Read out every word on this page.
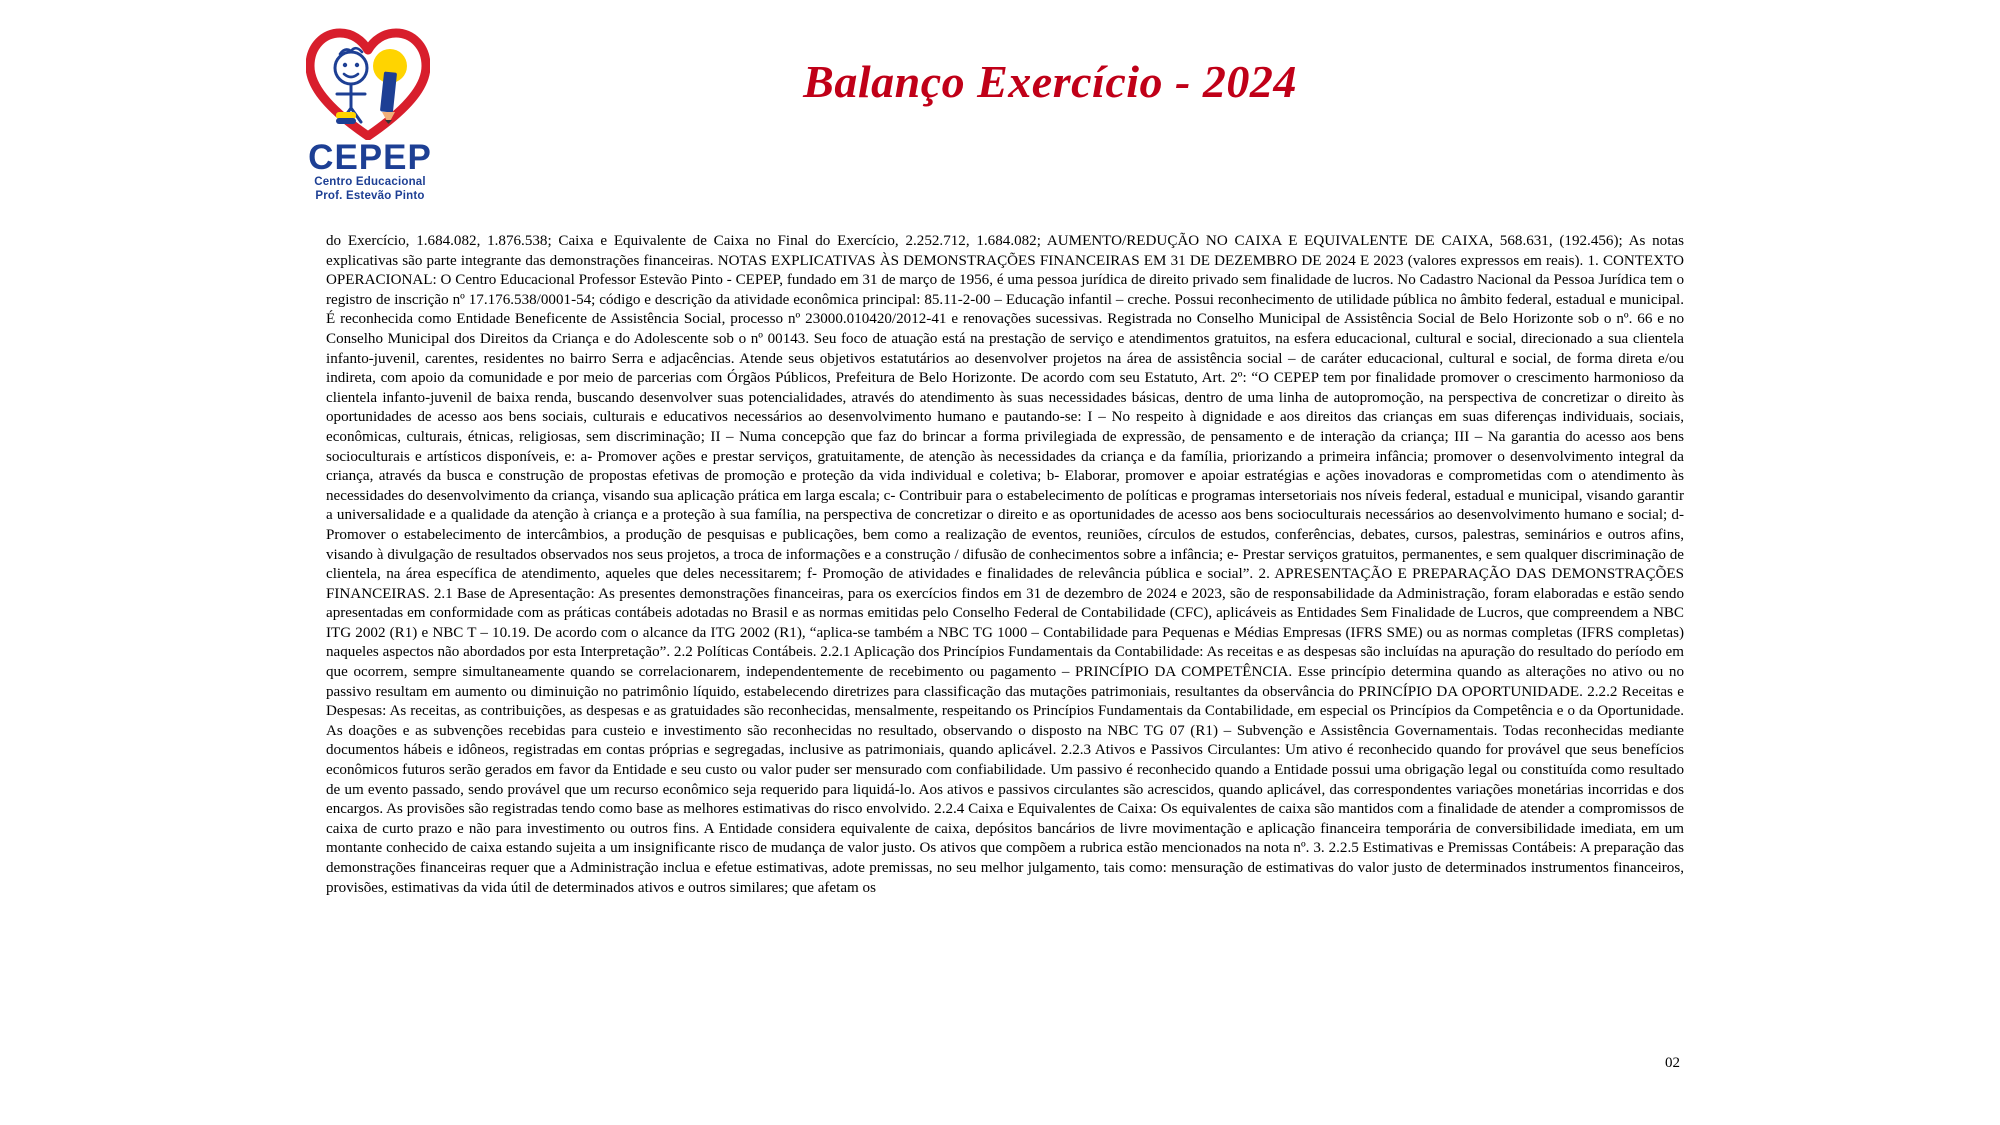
CEPEP
Centro Educacional
Prof. Estevão Pinto
Balanço Exercício - 2024
do Exercício, 1.684.082, 1.876.538; Caixa e Equivalente de Caixa no Final do Exercício, 2.252.712, 1.684.082; AUMENTO/REDUÇÃO NO CAIXA E EQUIVALENTE DE CAIXA, 568.631, (192.456); As notas explicativas são parte integrante das demonstrações financeiras. NOTAS EXPLICATIVAS ÀS DEMONSTRAÇÕES FINANCEIRAS EM 31 DE DEZEMBRO DE 2024 E 2023 (valores expressos em reais). 1. CONTEXTO OPERACIONAL: O Centro Educacional Professor Estevão Pinto - CEPEP, fundado em 31 de março de 1956, é uma pessoa jurídica de direito privado sem finalidade de lucros. No Cadastro Nacional da Pessoa Jurídica tem o registro de inscrição nº 17.176.538/0001-54; código e descrição da atividade econômica principal: 85.11-2-00 – Educação infantil – creche. Possui reconhecimento de utilidade pública no âmbito federal, estadual e municipal. É reconhecida como Entidade Beneficente de Assistência Social, processo nº 23000.010420/2012-41 e renovações sucessivas. Registrada no Conselho Municipal de Assistência Social de Belo Horizonte sob o nº. 66 e no Conselho Municipal dos Direitos da Criança e do Adolescente sob o nº 00143. Seu foco de atuação está na prestação de serviço e atendimentos gratuitos, na esfera educacional, cultural e social, direcionado a sua clientela infanto-juvenil, carentes, residentes no bairro Serra e adjacências. Atende seus objetivos estatutários ao desenvolver projetos na área de assistência social – de caráter educacional, cultural e social, de forma direta e/ou indireta, com apoio da comunidade e por meio de parcerias com Órgãos Públicos, Prefeitura de Belo Horizonte. De acordo com seu Estatuto, Art. 2º: “O CEPEP tem por finalidade promover o crescimento harmonioso da clientela infanto-juvenil de baixa renda, buscando desenvolver suas potencialidades, através do atendimento às suas necessidades básicas, dentro de uma linha de autopromoção, na perspectiva de concretizar o direito às oportunidades de acesso aos bens sociais, culturais e educativos necessários ao desenvolvimento humano e pautando-se: I – No respeito à dignidade e aos direitos das crianças em suas diferenças individuais, sociais, econômicas, culturais, étnicas, religiosas, sem discriminação; II – Numa concepção que faz do brincar a forma privilegiada de expressão, de pensamento e de interação da criança; III – Na garantia do acesso aos bens socioculturais e artísticos disponíveis, e: a- Promover ações e prestar serviços, gratuitamente, de atenção às necessidades da criança e da família, priorizando a primeira infância; promover o desenvolvimento integral da criança, através da busca e construção de propostas efetivas de promoção e proteção da vida individual e coletiva; b- Elaborar, promover e apoiar estratégias e ações inovadoras e comprometidas com o atendimento às necessidades do desenvolvimento da criança, visando sua aplicação prática em larga escala; c- Contribuir para o estabelecimento de políticas e programas intersetoriais nos níveis federal, estadual e municipal, visando garantir a universalidade e a qualidade da atenção à criança e a proteção à sua família, na perspectiva de concretizar o direito e as oportunidades de acesso aos bens socioculturais necessários ao desenvolvimento humano e social; d- Promover o estabelecimento de intercâmbios, a produção de pesquisas e publicações, bem como a realização de eventos, reuniões, círculos de estudos, conferências, debates, cursos, palestras, seminários e outros afins, visando à divulgação de resultados observados nos seus projetos, a troca de informações e a construção / difusão de conhecimentos sobre a infância; e- Prestar serviços gratuitos, permanentes, e sem qualquer discriminação de clientela, na área específica de atendimento, aqueles que deles necessitarem; f- Promoção de atividades e finalidades de relevância pública e social”. 2. APRESENTAÇÃO E PREPARAÇÃO DAS DEMONSTRAÇÕES FINANCEIRAS. 2.1 Base de Apresentação: As presentes demonstrações financeiras, para os exercícios findos em 31 de dezembro de 2024 e 2023, são de responsabilidade da Administração, foram elaboradas e estão sendo apresentadas em conformidade com as práticas contábeis adotadas no Brasil e as normas emitidas pelo Conselho Federal de Contabilidade (CFC), aplicáveis as Entidades Sem Finalidade de Lucros, que compreendem a NBC ITG 2002 (R1) e NBC T – 10.19. De acordo com o alcance da ITG 2002 (R1), “aplica-se também a NBC TG 1000 – Contabilidade para Pequenas e Médias Empresas (IFRS SME) ou as normas completas (IFRS completas) naqueles aspectos não abordados por esta Interpretação”. 2.2 Políticas Contábeis. 2.2.1 Aplicação dos Princípios Fundamentais da Contabilidade: As receitas e as despesas são incluídas na apuração do resultado do período em que ocorrem, sempre simultaneamente quando se correlacionarem, independentemente de recebimento ou pagamento – PRINCÍPIO DA COMPETÊNCIA. Esse princípio determina quando as alterações no ativo ou no passivo resultam em aumento ou diminuição no patrimônio líquido, estabelecendo diretrizes para classificação das mutações patrimoniais, resultantes da observância do PRINCÍPIO DA OPORTUNIDADE. 2.2.2 Receitas e Despesas: As receitas, as contribuições, as despesas e as gratuidades são reconhecidas, mensalmente, respeitando os Princípios Fundamentais da Contabilidade, em especial os Princípios da Competência e o da Oportunidade. As doações e as subvenções recebidas para custeio e investimento são reconhecidas no resultado, observando o disposto na NBC TG 07 (R1) – Subvenção e Assistência Governamentais. Todas reconhecidas mediante documentos hábeis e idôneos, registradas em contas próprias e segregadas, inclusive as patrimoniais, quando aplicável. 2.2.3 Ativos e Passivos Circulantes: Um ativo é reconhecido quando for provável que seus benefícios econômicos futuros serão gerados em favor da Entidade e seu custo ou valor puder ser mensurado com confiabilidade. Um passivo é reconhecido quando a Entidade possui uma obrigação legal ou constituída como resultado de um evento passado, sendo provável que um recurso econômico seja requerido para liquidá-lo. Aos ativos e passivos circulantes são acrescidos, quando aplicável, das correspondentes variações monetárias incorridas e dos encargos. As provisões são registradas tendo como base as melhores estimativas do risco envolvido. 2.2.4 Caixa e Equivalentes de Caixa: Os equivalentes de caixa são mantidos com a finalidade de atender a compromissos de caixa de curto prazo e não para investimento ou outros fins. A Entidade considera equivalente de caixa, depósitos bancários de livre movimentação e aplicação financeira temporária de conversibilidade imediata, em um montante conhecido de caixa estando sujeita a um insignificante risco de mudança de valor justo. Os ativos que compõem a rubrica estão mencionados na nota nº. 3. 2.2.5 Estimativas e Premissas Contábeis: A preparação das demonstrações financeiras requer que a Administração inclua e efetue estimativas, adote premissas, no seu melhor julgamento, tais como: mensuração de estimativas do valor justo de determinados instrumentos financeiros, provisões, estimativas da vida útil de determinados ativos e outros similares; que afetam os
02
